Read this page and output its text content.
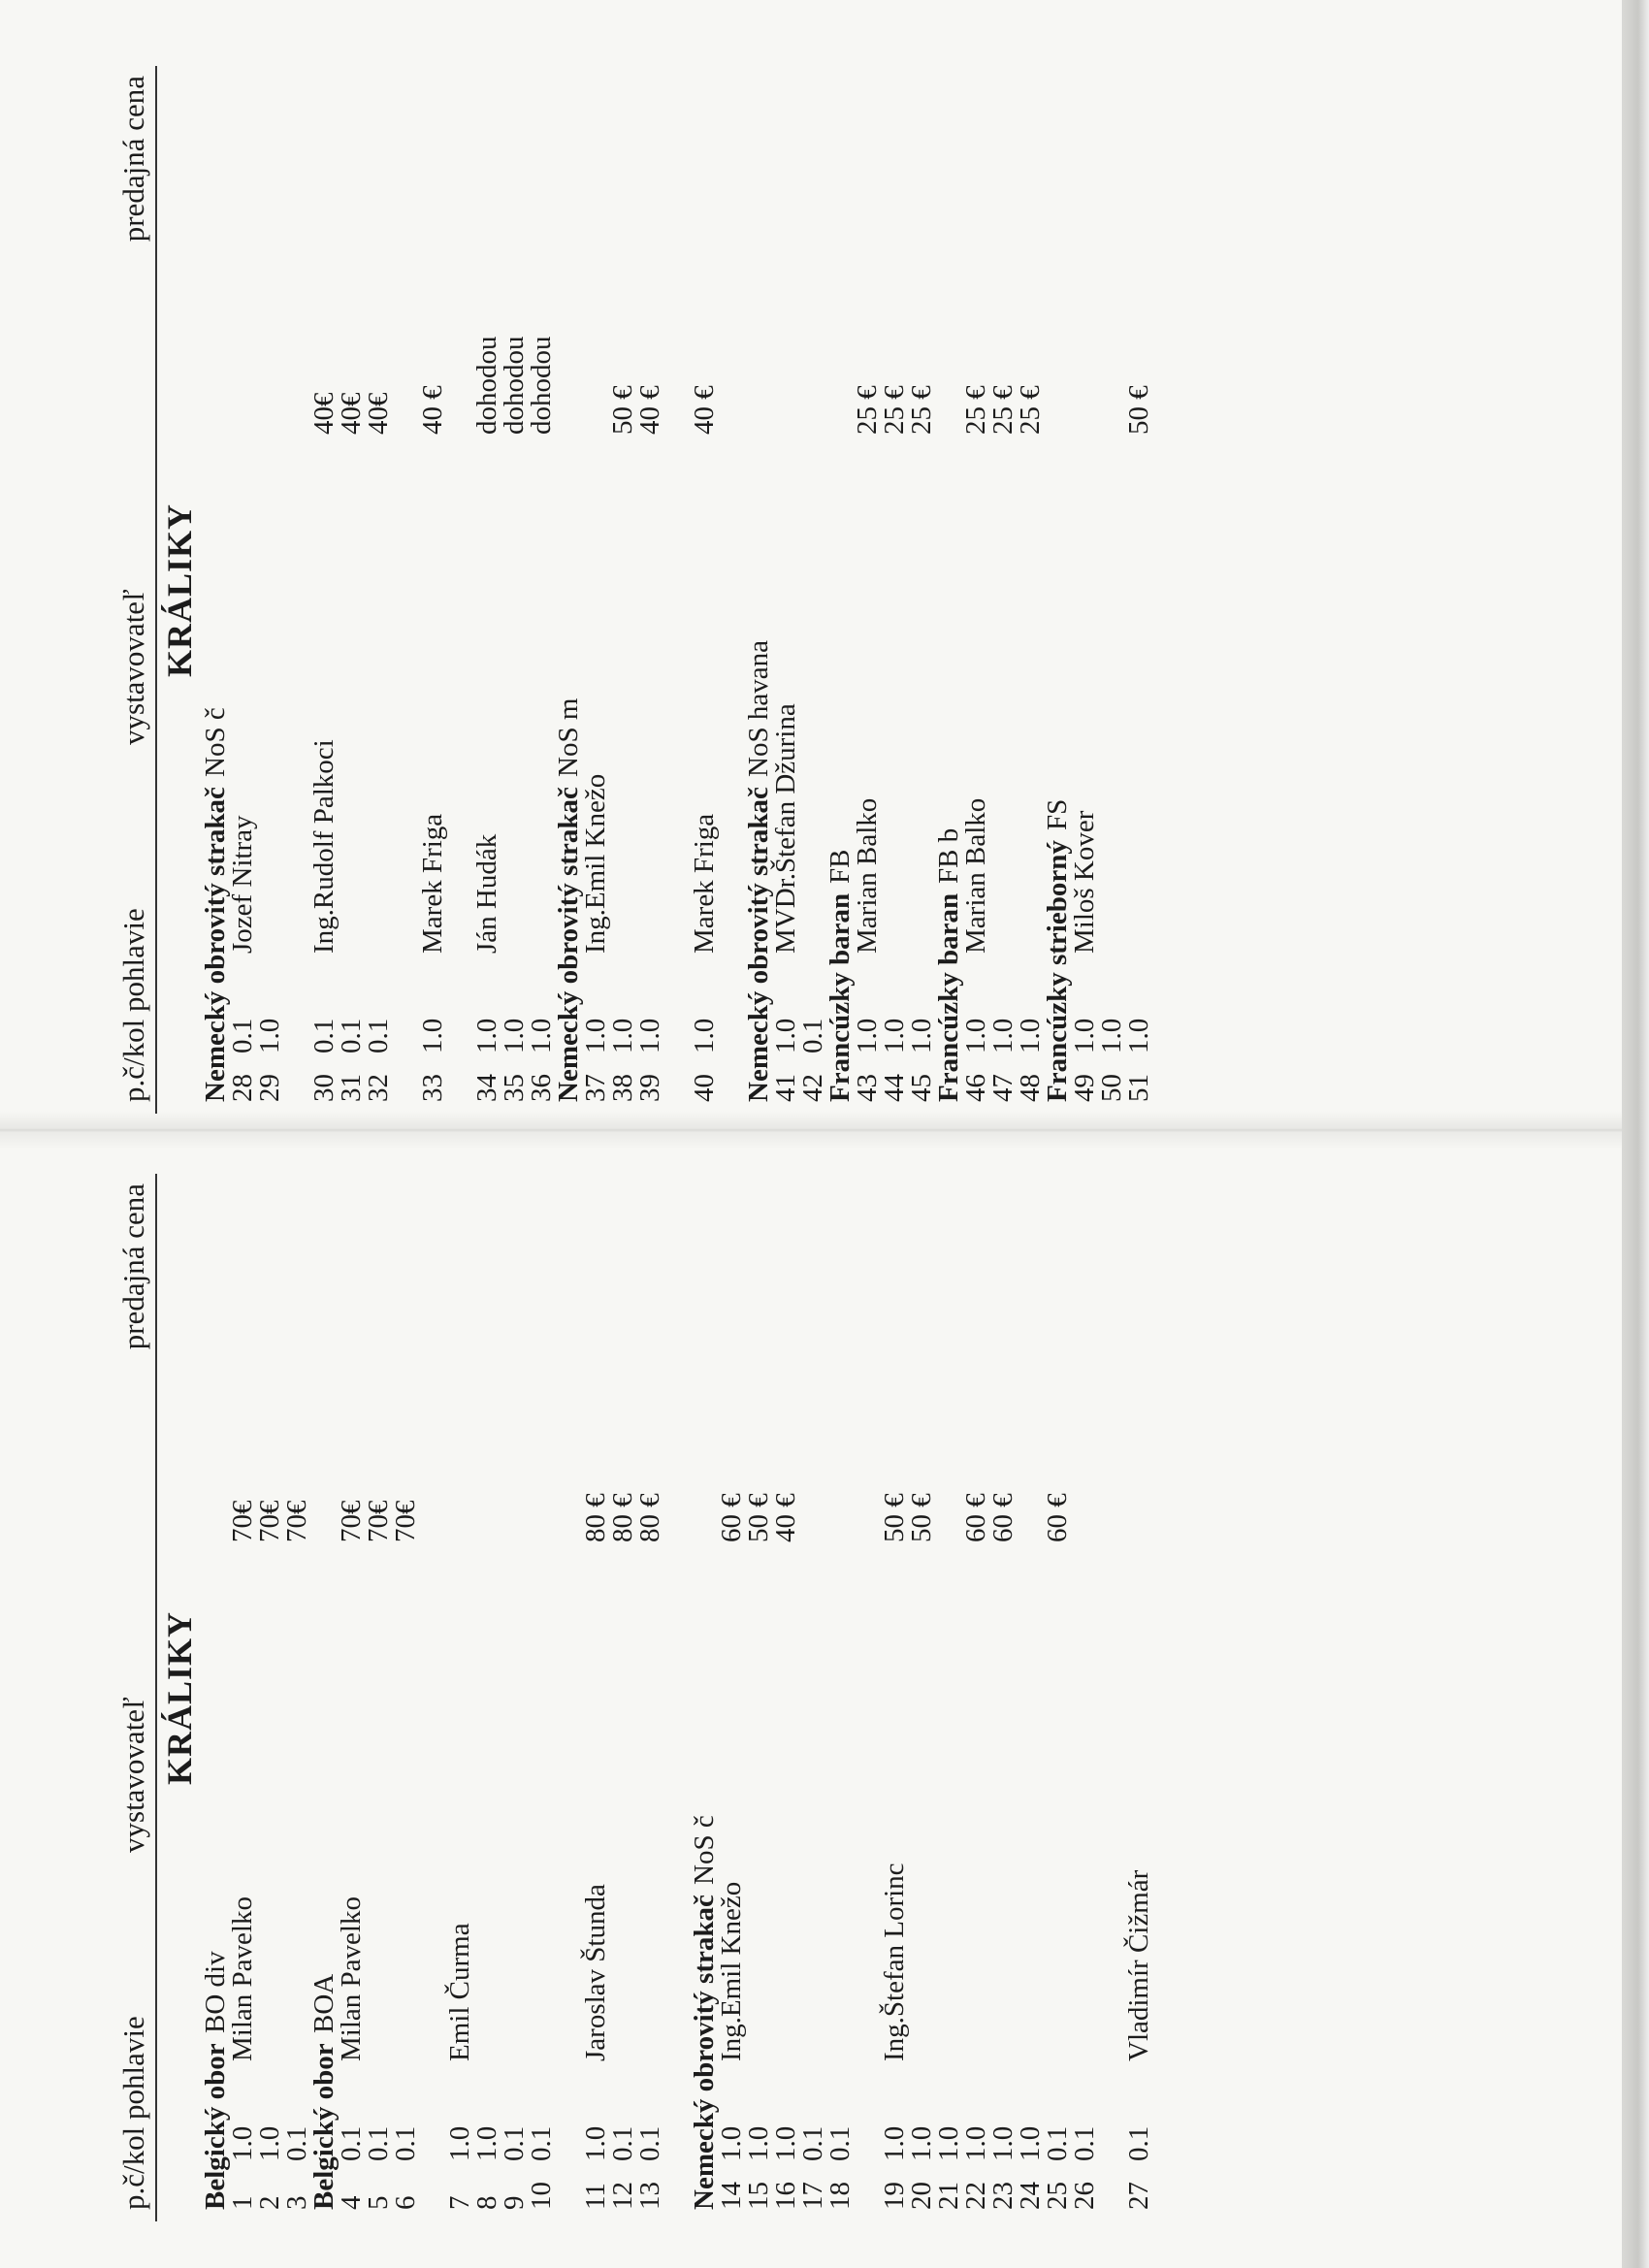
p.č/kol pohlavie
vystavovateľ
predajná cena
KRÁLIKY
Belgický obor
BO div
1
1.0
Milan Pavelko
70€
2
1.0
70€
3
0.1
70€
Belgický obor
BOA
4
0.1
Milan Pavelko
70€
5
0.1
70€
6
0.1
70€
7
1.0
Emil Čurma
8
1.0
9
0.1
10
0.1
11
1.0
Jaroslav Štunda
80 €
12
0.1
80 €
13
0.1
80 €
Nemecký obrovitý strakač
NoS č
14
1.0
Ing.Emil Knežo
60 €
15
1.0
50 €
16
1.0
40 €
17
0.1
18
0.1
19
1.0
Ing.Štefan Lorinc
50 €
20
1.0
50 €
21
1.0
22
1.0
60 €
23
1.0
60 €
24
1.0
25
0.1
60 €
26
0.1
27
0.1
Vladimír Čižmár
p.č/kol pohlavie
vystavovateľ
predajná cena
KRÁLIKY
Nemecký obrovitý strakač
NoS č
28
0.1
Jozef Nitray
29
1.0
30
0.1
Ing.Rudolf Palkoci
40€
31
0.1
40€
32
0.1
40€
33
1.0
Marek Friga
40 €
34
1.0
Ján Hudák
dohodou
35
1.0
dohodou
36
1.0
dohodou
Nemecký obrovitý strakač
NoS m
37
1.0
Ing.Emil Knežo
38
1.0
50 €
39
1.0
40 €
40
1.0
Marek Friga
40 €
Nemecký obrovitý strakač
NoS havana
41
1.0
MVDr.Štefan Džurina
42
0.1
Francúzky baran
FB
43
1.0
Marian Balko
25 €
44
1.0
25 €
45
1.0
25 €
Francúzky baran
FB b
46
1.0
Marian Balko
25 €
47
1.0
25 €
48
1.0
25 €
Francúzky strieborný
FS
49
1.0
Miloš Kover
50
1.0
51
1.0
50 €
